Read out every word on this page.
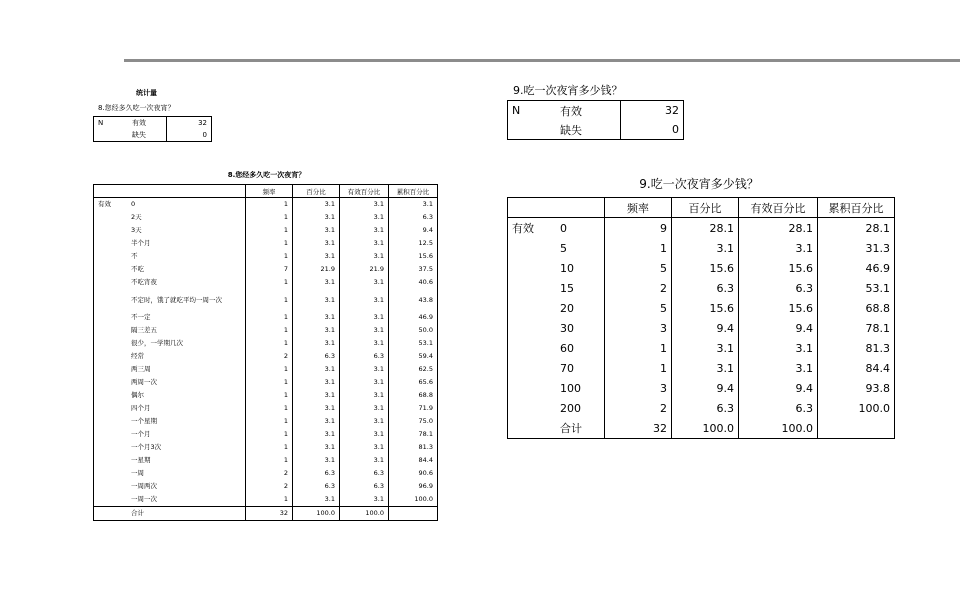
统计量
8.您经多久吃一次夜宵？
N	有效	32
	缺失	0
8.您经多久吃一次夜宵？
		频率	百分比	有效百分比	累积百分比
有效	0	1	3.1	3.1	3.1
	2天	1	3.1	3.1	6.3
	3天	1	3.1	3.1	9.4
	半个月	1	3.1	3.1	12.5
	不	1	3.1	3.1	15.6
	不吃	7	21.9	21.9	37.5
	不吃宵夜	1	3.1	3.1	40.6
	不定时，饿了就吃平均一周一次	1	3.1	3.1	43.8
	不一定	1	3.1	3.1	46.9
	隔三差五	1	3.1	3.1	50.0
	很少，一学期几次	1	3.1	3.1	53.1
	经常	2	6.3	6.3	59.4
	两三周	1	3.1	3.1	62.5
	两周一次	1	3.1	3.1	65.6
	偶尔	1	3.1	3.1	68.8
	四个月	1	3.1	3.1	71.9
	一个星期	1	3.1	3.1	75.0
	一个月	1	3.1	3.1	78.1
	一个月3次	1	3.1	3.1	81.3
	一星期	1	3.1	3.1	84.4
	一周	2	6.3	6.3	90.6
	一周两次	2	6.3	6.3	96.9
	一周一次	1	3.1	3.1	100.0
	合计	32	100.0	100.0	
9.吃一次夜宵多少钱？
N	有效	32
	缺失	0
9.吃一次夜宵多少钱？
		频率	百分比	有效百分比	累积百分比
有效	0	9	28.1	28.1	28.1
	5	1	3.1	3.1	31.3
	10	5	15.6	15.6	46.9
	15	2	6.3	6.3	53.1
	20	5	15.6	15.6	68.8
	30	3	9.4	9.4	78.1
	60	1	3.1	3.1	81.3
	70	1	3.1	3.1	84.4
	100	3	9.4	9.4	93.8
	200	2	6.3	6.3	100.0
	合计	32	100.0	100.0	
